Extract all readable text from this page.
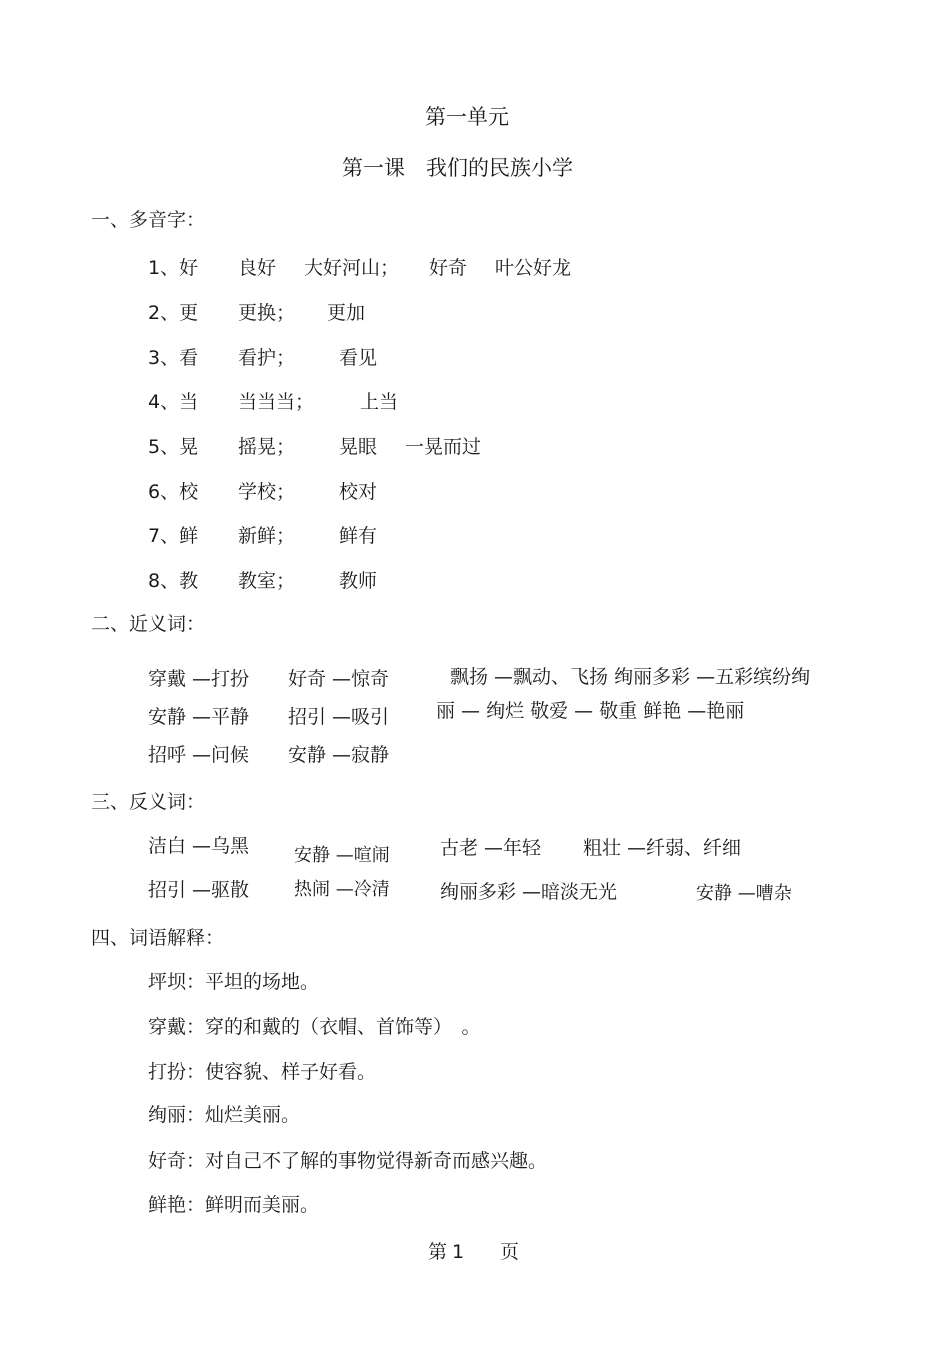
第一单元
第一课　我们的民族小学
一、多音字：
1、好 良好 大好河山； 好奇 叶公好龙
2、更 更换； 更加
3、看 看护； 看见
4、当 当当当； 上当
5、晃 摇晃； 晃眼 一晃而过
6、校 学校； 校对
7、鲜 新鲜； 鲜有
8、教 教室； 教师
二、近义词：
穿戴 —打扮 好奇 —惊奇
安静 —平静 招引 —吸引
招呼 —问候 安静 —寂静
飘扬 —飘动、飞扬 绚丽多彩 —五彩缤纷绚
丽 — 绚烂 敬爱 — 敬重 鲜艳 —艳丽
三、反义词：
洁白 —乌黑 安静 —喧闹	古老 —年轻 粗壮 —纤弱、纤细
招引 —驱散 热闹 —冷清	绚丽多彩 —暗淡无光	安静 —嘈杂
四、词语解释：
坪坝：平坦的场地。
穿戴：穿的和戴的（衣帽、首饰等）　。
打扮：使容貌、样子好看。
绚丽：灿烂美丽。
好奇：对自己不了解的事物觉得新奇而感兴趣。
鲜艳：鲜明而美丽。
第 1 页
